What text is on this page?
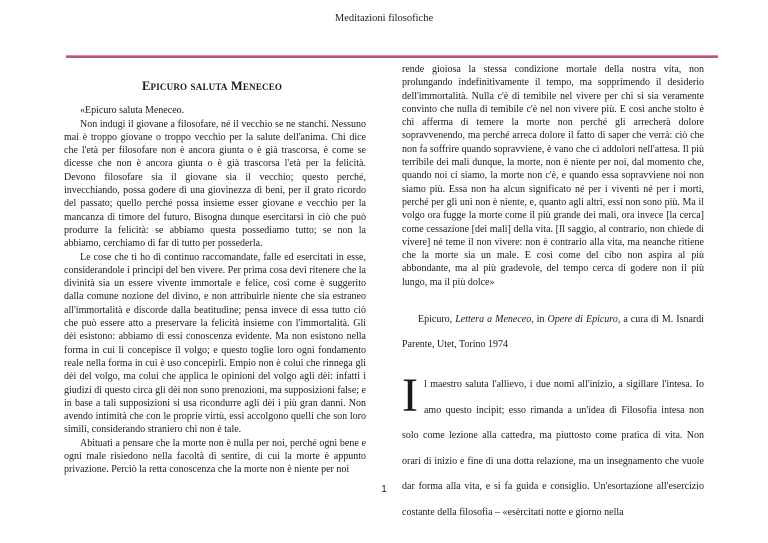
Meditazioni filosofiche
Epicuro saluta Meneceo

«Epicuro saluta Meneceo.

Non indugi il giovane a filosofare, né il vecchio se ne stanchi. Nessuno mai è troppo giovane o troppo vecchio per la salute dell'anima. Chi dice che l'età per filosofare non è ancora giunta o è già trascorsa, è come se dicesse che non è ancora giunta o è già trascorsa l'età per la felicità. Devono filosofare sia il giovane sia il vecchio; questo perché, invecchiando, possa godere di una giovinezza di beni, per il grato ricordo del passato; quello perché possa insieme esser giovane e vecchio per la mancanza di timore del futuro. Bisogna dunque esercitarsi in ciò che può produrre la felicità: se abbiamo questa possediamo tutto; se non la abbiamo, cerchiamo di far di tutto per possederla.

Le cose che ti ho di continuo raccomandate, falle ed esercitati in esse, considerandole i princìpi del ben vivere. Per prima cosa devi ritenere che la divinità sia un essere vivente immortale e felice, così come è suggerito dalla comune nozione del divino, e non attribuirle niente che sia estraneo all'immortalità e discorde dalla beatitudine; pensa invece di essa tutto ciò che può essere atto a preservare la felicità insieme con l'immortalità. Gli dèi esistono: abbiamo di essi conoscenza evidente. Ma non esistono nella forma in cui li concepisce il volgo; e questo toglie loro ogni fondamento reale nella forma in cui è uso concepirli. Empio non è colui che rinnega gli dèi del volgo, ma colui che applica le opinioni del volgo agli dèi: infatti i giudizi di questo circa gli dèi non sono prenozioni, ma supposizioni false; e in base a tali supposizioni si usa ricondurre agli dèi i più gran danni. Non avendo intimità che con le proprie virtù, essi accolgono quelli che son loro simili, considerando straniero chi non è tale.

Abituati a pensare che la morte non è nulla per noi, perché ogni bene e ogni male risiedono nella facoltà di sentire, di cui la morte è appunto privazione. Perciò la retta conoscenza che la morte non è niente per noi

rende gioiosa la stessa condizione mortale della nostra vita, non prolungando indefinitivamente il tempo, ma sopprimendo il desiderio dell'immortalità. Nulla c'è di temibile nel vivere per chi si sia veramente convinto che nulla di temibile c'è nel non vivere più. E così anche stolto è chi afferma di temere la morte non perché gli arrecherà dolore sopravvenendo, ma perché arreca dolore il fatto di saper che verrà: ciò che non fa soffrire quando sopravviene, è vano che ci addolori nell'attesa. Il più terribile dei mali dunque, la morte, non è niente per noi, dal momento che, quando noi ci siamo, la morte non c'è, e quando essa sopravviene noi non siamo più. Essa non ha alcun significato né per i viventi né per i morti, perché per gli uni non è niente, e, quanto agli altri, essi non sono più. Ma il volgo ora fugge la morte come il più grande dei mali, ora invece [la cerca] come cessazione [dei mali] della vita. [Il saggio, al contrario, non chiede di vivere] né teme il non vivere: non è contrario alla vita, ma neanche ritiene che la morte sia un male. E così come del cibo non aspira al più abbondante, ma al più gradevole, del tempo cerca di godere non il più lungo, ma il più dolce»

Epicuro, Lettera a Meneceo, in Opere di Epicuro, a cura di M. Isnardi Parente, Utet, Torino 1974

Il maestro saluta l'allievo, i due nomi all'inizio, a sigillare l'intesa. Io amo questo incipit; esso rimanda a un'idea di Filosofia intesa non solo come lezione alla cattedra, ma piuttosto come pratica di vita. Non orari di inizio e fine di una dotta relazione, ma un insegnamento che vuole dar forma alla vita, e si fa guida e consiglio. Un'esortazione all'esercizio costante della filosofia – «esèrcitati notte e giorno nella

1
